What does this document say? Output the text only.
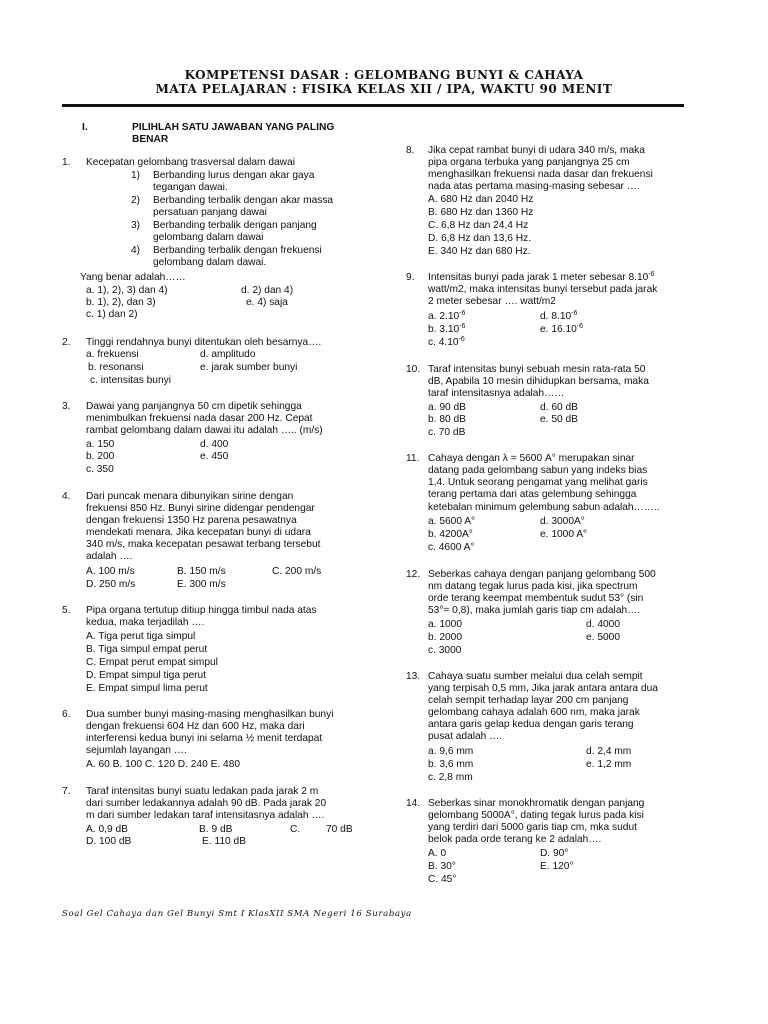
KOMPETENSI DASAR : GELOMBANG BUNYI & CAHAYA
MATA PELAJARAN : FISIKA KELAS XII / IPA, WAKTU 90 MENIT
I.	PILIHLAH SATU JAWABAN YANG PALING
BENAR
1. Kecepatan gelombang trasversal dalam dawai
1) Berbanding lurus dengan akar gaya
tegangan dawai.
2) Berbanding terbalik dengan akar massa
persatuan panjang dawai
3) Berbanding terbalik dengan panjang
gelombang dalam dawai
4) Berbanding terbalik dengan frekuensi
gelombang dalam dawai.
Yang benar adalah……
a. 1), 2), 3) dan 4)	d. 2) dan 4)
b. 1), 2), dan 3)	e. 4) saja
c. 1) dan 2)
2. Tinggi rendahnya bunyi ditentukan oleh besarnya….
a. frekuensi	d. amplitudo
b. resonansi	e. jarak sumber bunyi
c. intensitas bunyi
3. Dawai yang panjangnya 50 cm dipetik sehingga
menimbulkan frekuensi nada dasar 200 Hz. Cepat
rambat gelombang dalam dawai itu adalah ….. (m/s)
a. 150	d. 400
b. 200	e. 450
c. 350
4. Dari puncak menara dibunyikan sirine dengan
frekuensi 850 Hz. Bunyi sirine didengar pendengar
dengan frekuensi 1350 Hz parena pesawatnya
mendekati menara. Jika kecepatan bunyi di udara
340 m/s, maka kecepatan pesawat terbang tersebut
adalah ….
A. 100 m/s	B. 150 m/s	C. 200 m/s
D. 250 m/s	E. 300 m/s
5. Pipa organa tertutup ditiup hingga timbul nada atas
kedua, maka terjadilah ….
A. Tiga perut tiga simpul
B. Tiga simpul empat perut
C. Empat perut empat simpul
D. Empat simpul tiga perut
E. Empat simpul lima perut
6. Dua sumber bunyi masing-masing menghasilkan bunyi
dengan frekuensi 604 Hz dan 600 Hz, maka dari
interferensi kedua bunyi ini selama ½ menit terdapat
sejumlah layangan ….
A. 60 B. 100 C. 120 D. 240 E. 480
7. Taraf intensitas bunyi suatu ledakan pada jarak 2 m
dari sumber ledakannya adalah 90 dB. Pada jarak 20
m dari sumber ledakan taraf intensitasnya adalah ….
A. 0,9 dB	B. 9 dB	C.	70 dB
D. 100 dB	E. 110 dB
8. Jika cepat rambat bunyi di udara 340 m/s, maka
pipa organa terbuka yang panjangnya 25 cm
menghasilkan frekuensi nada dasar dan frekuensi
nada atas pertama masing-masing sebesar ….
A. 680 Hz dan 2040 Hz
B. 680 Hz dan 1360 Hz
C. 6,8 Hz dan 24,4 Hz
D. 6,8 Hz dan 13,6 Hz.
E. 340 Hz dan 680 Hz.
9. Intensitas bunyi pada jarak 1 meter sebesar $8.10^{-6}$
watt/m2, maka intensitas bunyi tersebut pada jarak
2 meter sebesar …. watt/m2
a. $2.10^{-6}$	d. $8.10^{-6}$
b. $3.10^{-6}$	e. $16.10^{-6}$
c. $4.10^{-6}$
10. Taraf intensitas bunyi sebuah mesin rata-rata 50
dB, Apabila 10 mesin dihidupkan bersama, maka
taraf intensitasnya adalah……
a. 90 dB	d. 60 dB
b. 80 dB	e. 50 dB
c. 70 dB
11. Cahaya dengan λ = 5600 A° merupakan sinar
datang pada gelombang sabun yang indeks bias
1,4. Untuk seorang pengamat yang melihat garis
terang pertama dari atas gelembung sehingga
ketebalan minimum gelembung sabun adalah……..
a. 5600 A°	d. 3000A°
b. 4200A°	e. 1000 A°
c. 4600 A°
12. Seberkas cahaya dengan panjang gelombang 500
nm datang tegak lurus pada kisi, jika spectrum
orde terang keempat membentuk sudut 53° (sin
53°= 0,8), maka jumlah garis tiap cm adalah….
a. 1000	d. 4000
b. 2000	e. 5000
c. 3000
13. Cahaya suatu sumber melalui dua celah sempit
yang terpisah 0,5 mm, Jika jarak antara antara dua
celah sempit terhadap layar 200 cm panjang
gelombang cahaya adalah 600 nm, maka jarak
antara garis gelap kedua dengan garis terang
pusat adalah ….
a. 9,6 mm	d. 2,4 mm
b. 3,6 mm	e. 1,2 mm
c. 2,8 mm
14. Seberkas sinar monokhromatik dengan panjang
gelombang 5000A°, dating tegak lurus pada kisi
yang terdiri dari 5000 garis tiap cm, mka sudut
belok pada orde terang ke 2 adalah….
A. 0	D. 90°
B. 30°	E. 120°
C. 45°
Soal Gel Cahaya dan Gel Bunyi Smt I KlasXII SMA Negeri 16 Surabaya
